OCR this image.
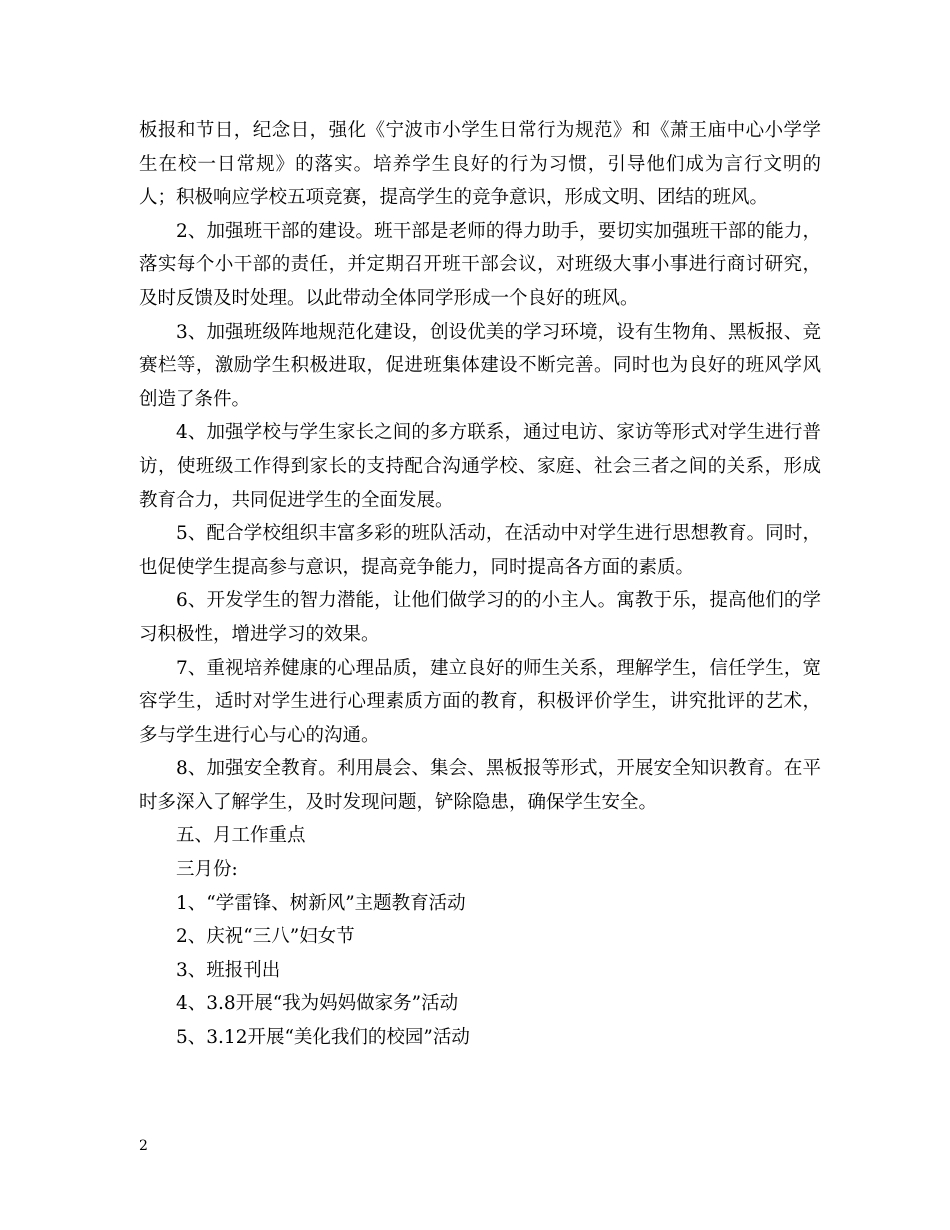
板报和节日，纪念日，强化《宁波市小学生日常行为规范》和《萧王庙中心小学学生在校一日常规》的落实。培养学生良好的行为习惯，引导他们成为言行文明的人；积极响应学校五项竞赛，提高学生的竞争意识，形成文明、团结的班风。

2、加强班干部的建设。班干部是老师的得力助手，要切实加强班干部的能力，落实每个小干部的责任，并定期召开班干部会议，对班级大事小事进行商讨研究，及时反馈及时处理。以此带动全体同学形成一个良好的班风。

3、加强班级阵地规范化建设，创设优美的学习环境，设有生物角、黑板报、竞赛栏等，激励学生积极进取，促进班集体建设不断完善。同时也为良好的班风学风创造了条件。

4、加强学校与学生家长之间的多方联系，通过电访、家访等形式对学生进行普访，使班级工作得到家长的支持配合沟通学校、家庭、社会三者之间的关系，形成教育合力，共同促进学生的全面发展。

5、配合学校组织丰富多彩的班队活动，在活动中对学生进行思想教育。同时，也促使学生提高参与意识，提高竞争能力，同时提高各方面的素质。

6、开发学生的智力潜能，让他们做学习的的小主人。寓教于乐，提高他们的学习积极性，增进学习的效果。

7、重视培养健康的心理品质，建立良好的师生关系，理解学生，信任学生，宽容学生，适时对学生进行心理素质方面的教育，积极评价学生，讲究批评的艺术，多与学生进行心与心的沟通。

8、加强安全教育。利用晨会、集会、黑板报等形式，开展安全知识教育。在平时多深入了解学生，及时发现问题，铲除隐患，确保学生安全。

五、月工作重点

三月份:

1、“学雷锋、树新风”主题教育活动

2、庆祝“三八”妇女节

3、班报刊出

4、3.8开展“我为妈妈做家务”活动

5、3.12开展“美化我们的校园”活动

2
